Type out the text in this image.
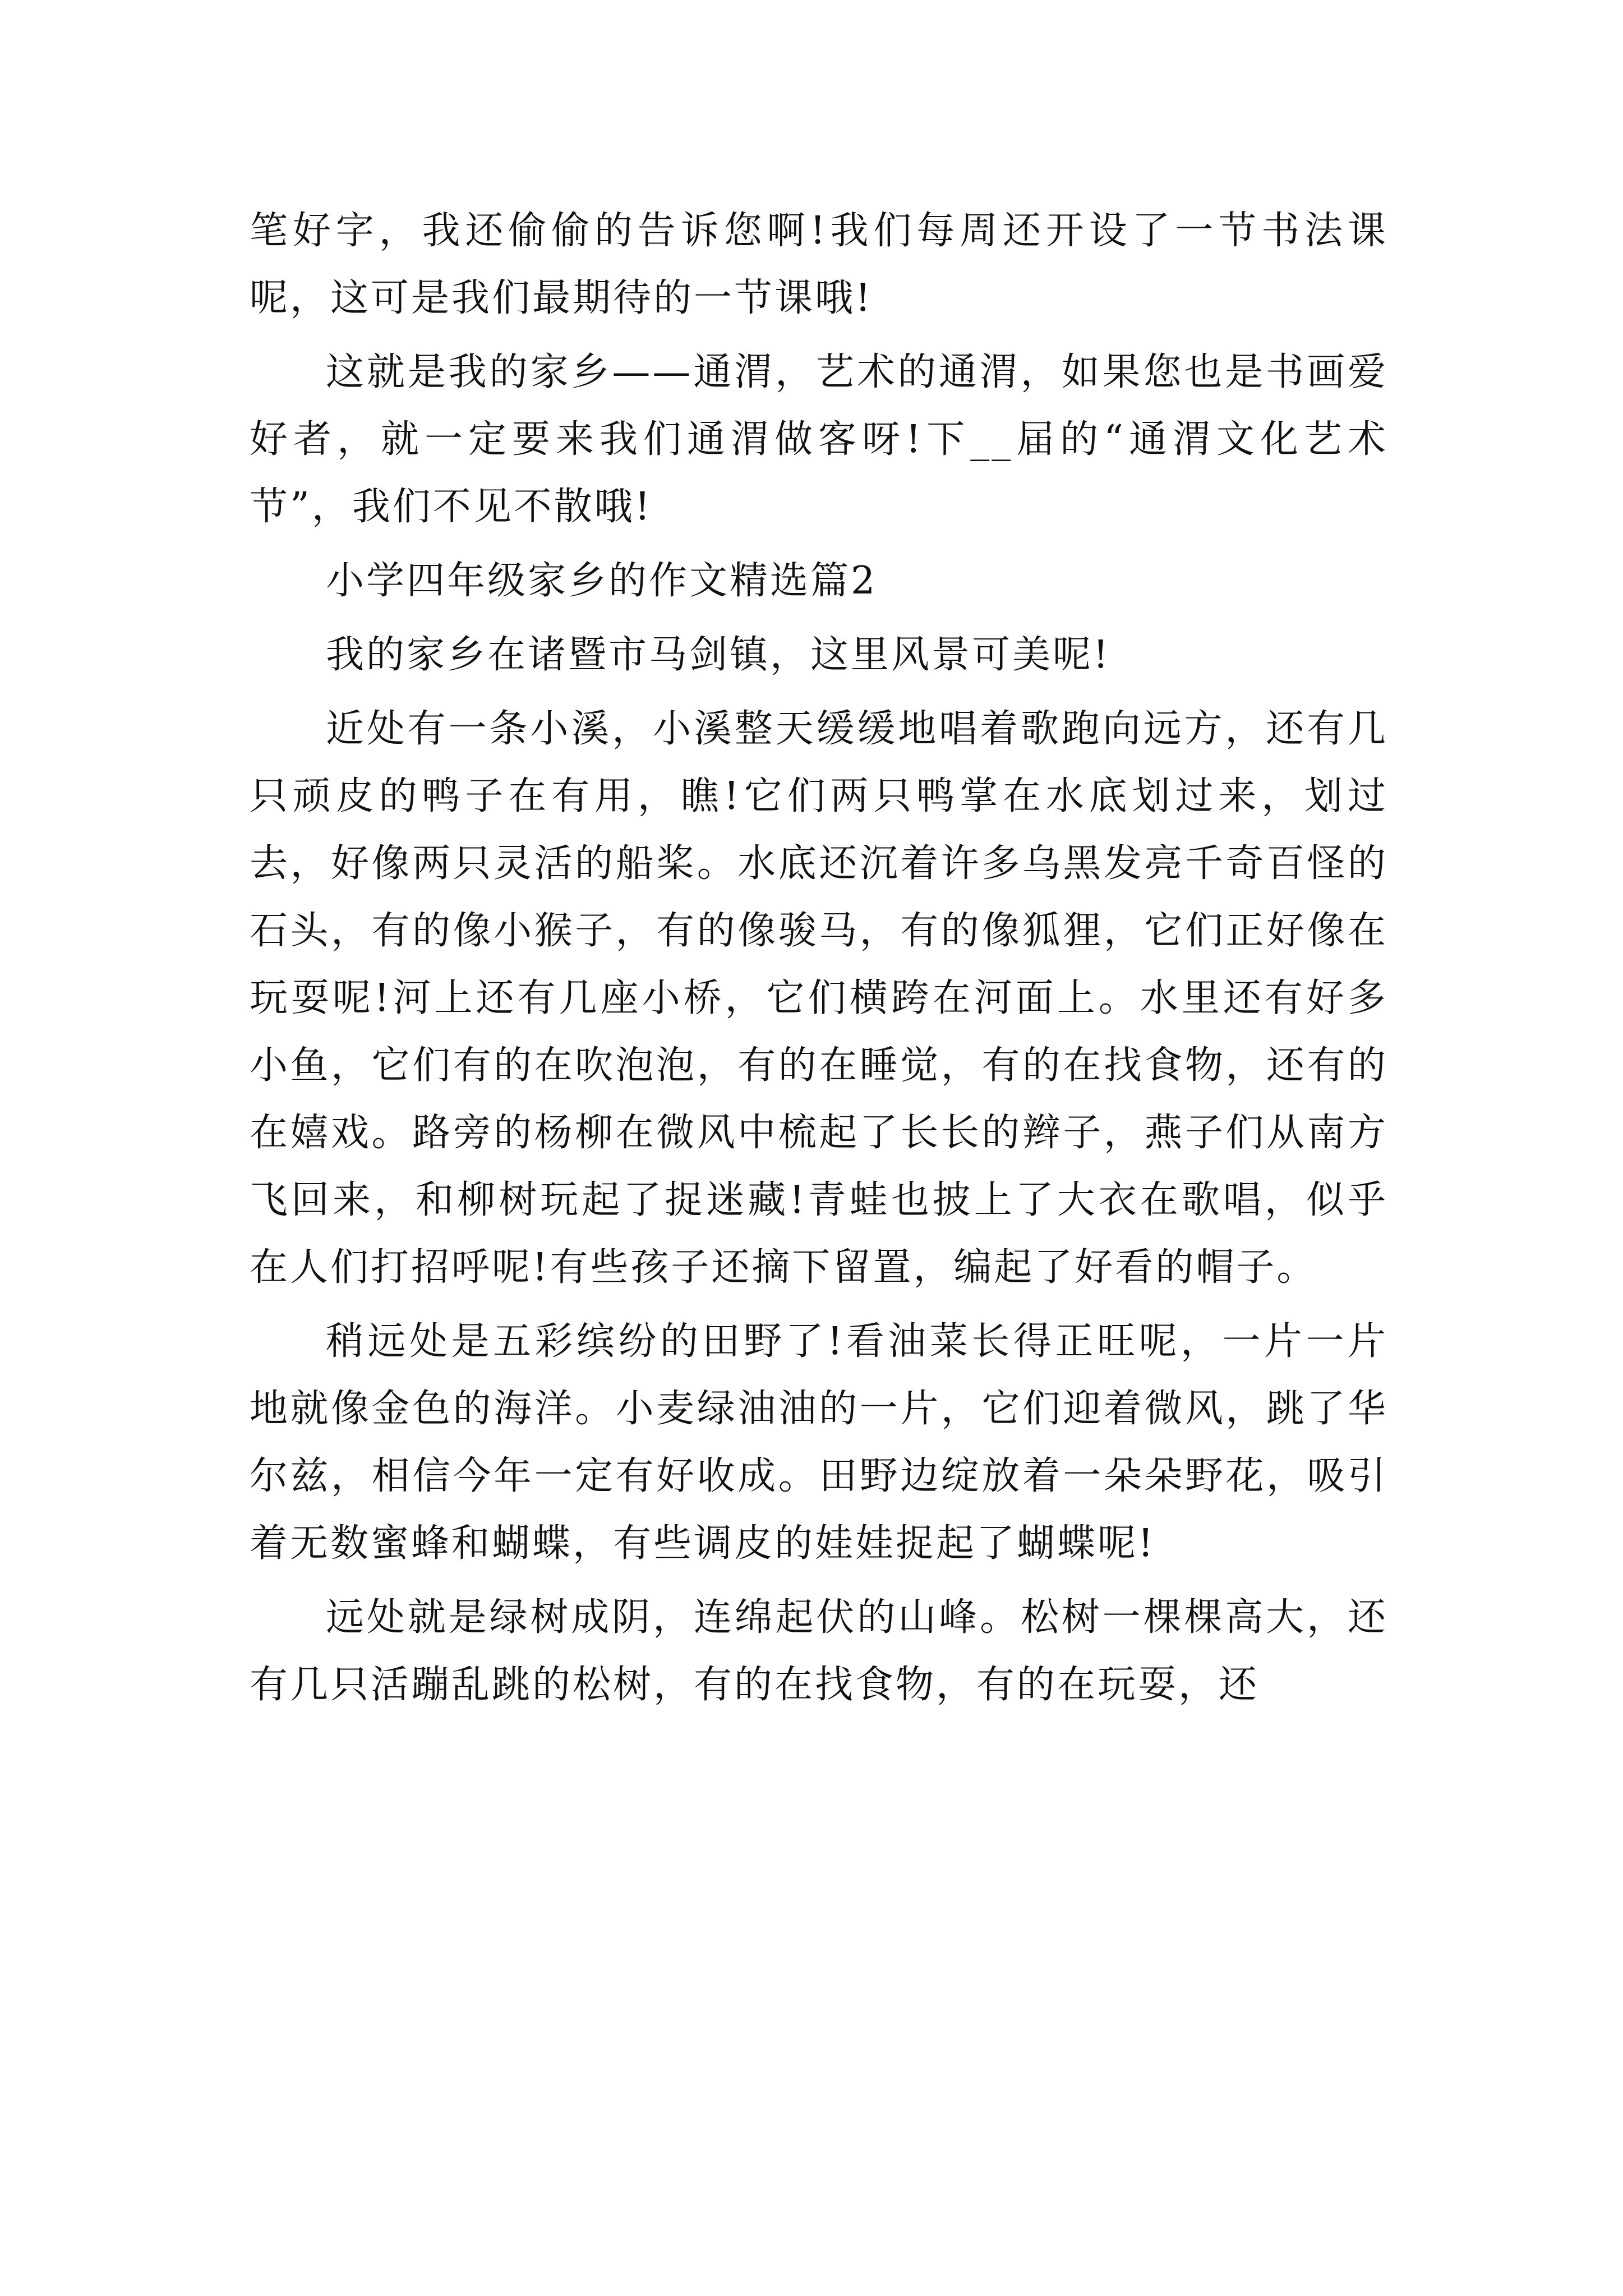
笔好字，我还偷偷的告诉您啊!我们每周还开设了一节书法课呢，这可是我们最期待的一节课哦!

这就是我的家乡——通渭，艺术的通渭，如果您也是书画爱好者，就一定要来我们通渭做客呀!下__届的“通渭文化艺术节”，我们不见不散哦!

小学四年级家乡的作文精选篇2

我的家乡在诸暨市马剑镇，这里风景可美呢!

近处有一条小溪，小溪整天缓缓地唱着歌跑向远方，还有几只顽皮的鸭子在有用，瞧!它们两只鸭掌在水底划过来，划过去，好像两只灵活的船桨。水底还沉着许多乌黑发亮千奇百怪的石头，有的像小猴子，有的像骏马，有的像狐狸，它们正好像在玩耍呢!河上还有几座小桥，它们横跨在河面上。水里还有好多小鱼，它们有的在吹泡泡，有的在睡觉，有的在找食物，还有的在嬉戏。路旁的杨柳在微风中梳起了长长的辫子，燕子们从南方飞回来，和柳树玩起了捉迷藏!青蛙也披上了大衣在歌唱，似乎在人们打招呼呢!有些孩子还摘下留置，编起了好看的帽子。

稍远处是五彩缤纷的田野了!看油菜长得正旺呢，一片一片地就像金色的海洋。小麦绿油油的一片，它们迎着微风，跳了华尔兹，相信今年一定有好收成。田野边绽放着一朵朵野花，吸引着无数蜜蜂和蝴蝶，有些调皮的娃娃捉起了蝴蝶呢!

远处就是绿树成阴，连绵起伏的山峰。松树一棵棵高大，还有几只活蹦乱跳的松树，有的在找食物，有的在玩耍，还
